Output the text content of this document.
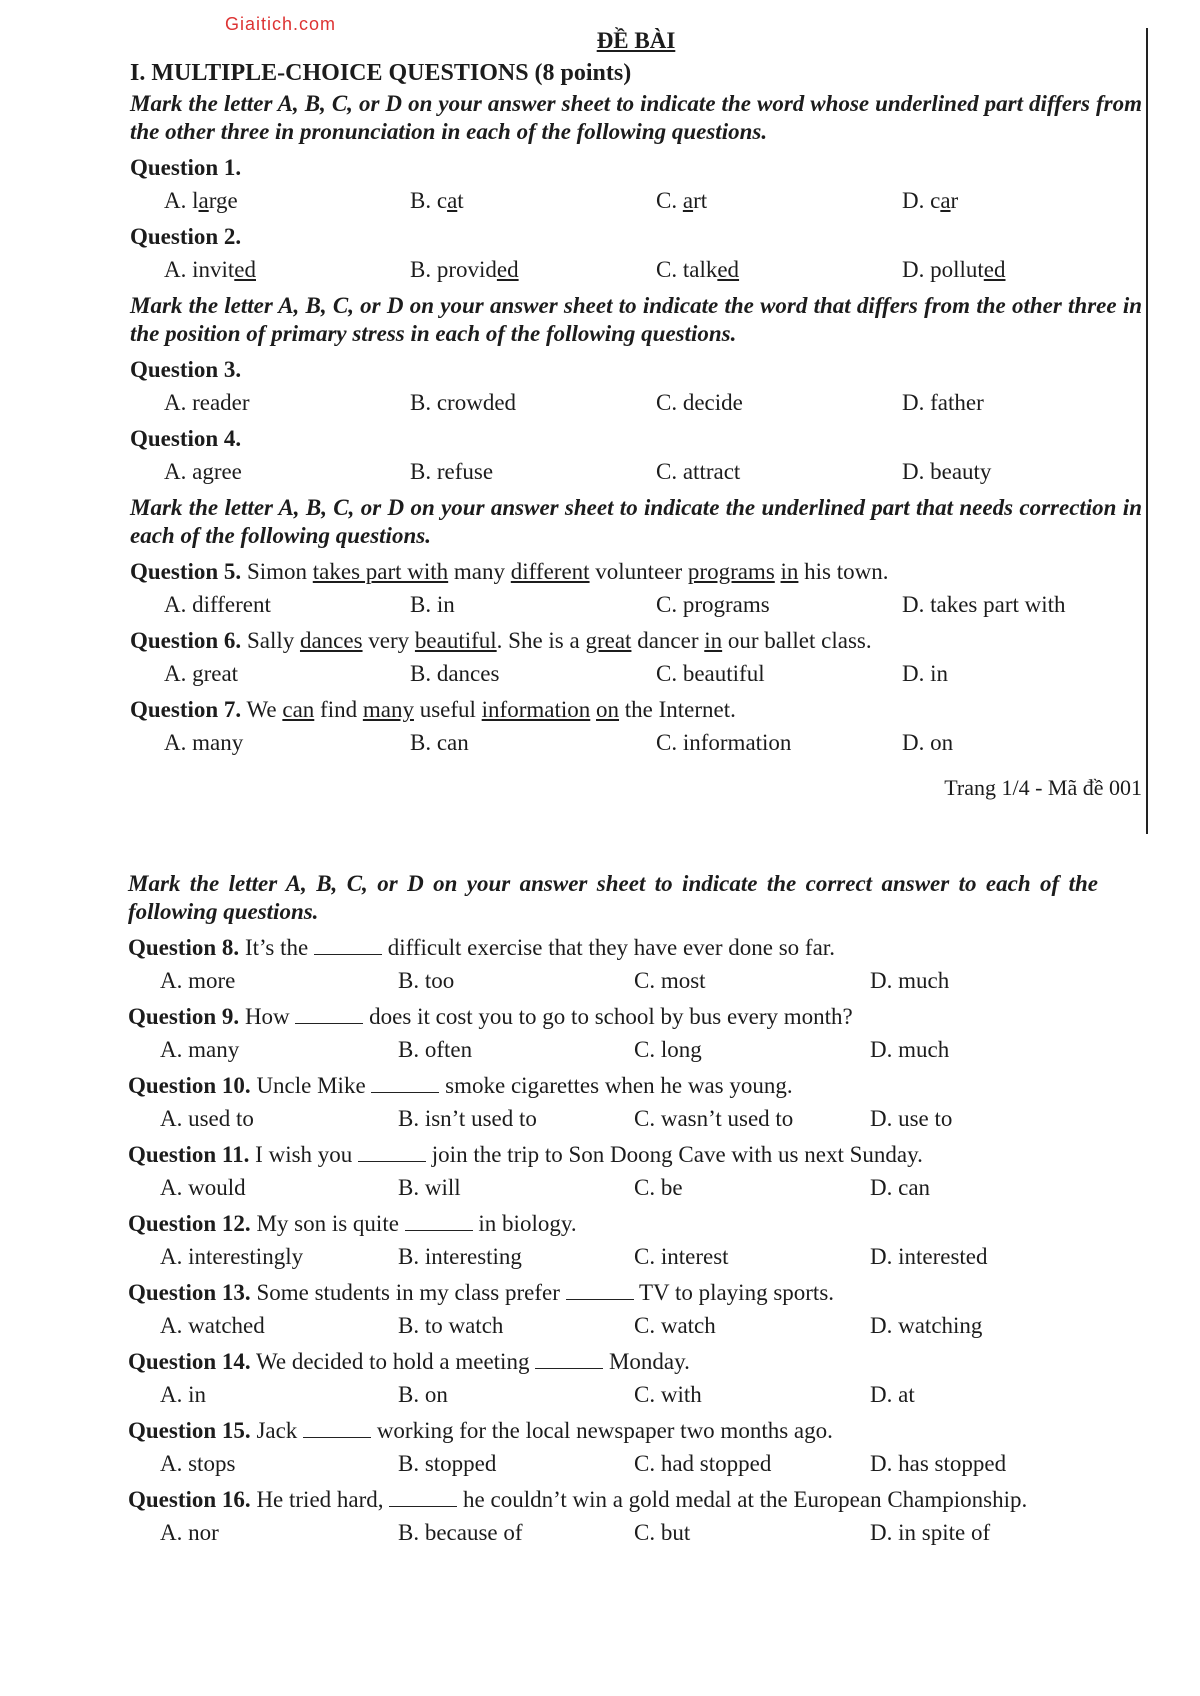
Giaitich.com
ĐỀ BÀI
I. MULTIPLE-CHOICE QUESTIONS (8 points)
Mark the letter A, B, C, or D on your answer sheet to indicate the word whose underlined part differs from the other three in pronunciation in each of the following questions.
Question 1.
A. large	B. cat	C. art	D. car
Question 2.
A. invited	B. provided	C. talked	D. polluted
Mark the letter A, B, C, or D on your answer sheet to indicate the word that differs from the other three in the position of primary stress in each of the following questions.
Question 3.
A. reader	B. crowded	C. decide	D. father
Question 4.
A. agree	B. refuse	C. attract	D. beauty
Mark the letter A, B, C, or D on your answer sheet to indicate the underlined part that needs correction in each of the following questions.
Question 5. Simon takes part with many different volunteer programs in his town.
A. different	B. in	C. programs	D. takes part with
Question 6. Sally dances very beautiful. She is a great dancer in our ballet class.
A. great	B. dances	C. beautiful	D. in
Question 7. We can find many useful information on the Internet.
A. many	B. can	C. information	D. on
Trang 1/4 - Mã đề 001
Mark the letter A, B, C, or D on your answer sheet to indicate the correct answer to each of the following questions.
Question 8. It’s the	difficult exercise that they have ever done so far.
A. more	B. too	C. most	D. much
Question 9. How	does it cost you to go to school by bus every month?
A. many	B. often	C. long	D. much
Question 10. Uncle Mike	smoke cigarettes when he was young.
A. used to	B. isn’t used to	C. wasn’t used to	D. use to
Question 11. I wish you	join the trip to Son Doong Cave with us next Sunday.
A. would	B. will	C. be	D. can
Question 12. My son is quite	in biology.
A. interestingly	B. interesting	C. interest	D. interested
Question 13. Some students in my class prefer	TV to playing sports.
A. watched	B. to watch	C. watch	D. watching
Question 14. We decided to hold a meeting	Monday.
A. in	B. on	C. with	D. at
Question 15. Jack	working for the local newspaper two months ago.
A. stops	B. stopped	C. had stopped	D. has stopped
Question 16. He tried hard,	he couldn’t win a gold medal at the European Championship.
A. nor	B. because of	C. but	D. in spite of
